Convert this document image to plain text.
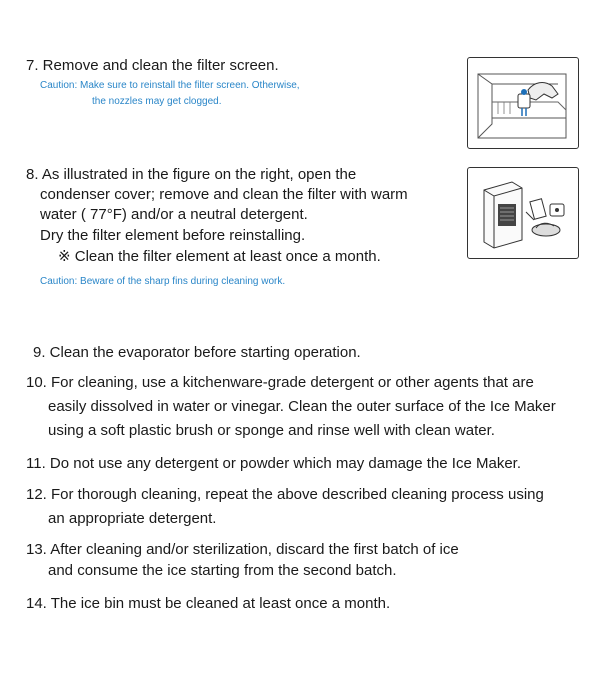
7. Remove and clean the filter screen.
Caution: Make sure to reinstall the filter screen. Otherwise,
the nozzles may get clogged.
8. As illustrated in the figure on the right, open the
condenser cover; remove and clean the filter with warm
water ( 77°F) and/or a neutral detergent.
Dry the filter element before reinstalling.
※ Clean the filter element at least once a month.
Caution: Beware of the sharp fins during cleaning work.
9. Clean the evaporator before starting operation.
10. For cleaning, use a kitchenware-grade detergent or other agents that are
easily dissolved in water or vinegar. Clean the outer surface of the Ice Maker
using a soft plastic brush or sponge and rinse well with clean water.
11. Do not use any detergent or powder which may damage the Ice Maker.
12. For thorough cleaning, repeat the above described cleaning process using
an appropriate detergent.
13. After cleaning and/or sterilization, discard the first batch of ice
and consume the ice starting from the second batch.
14. The ice bin must be cleaned at least once a month.
